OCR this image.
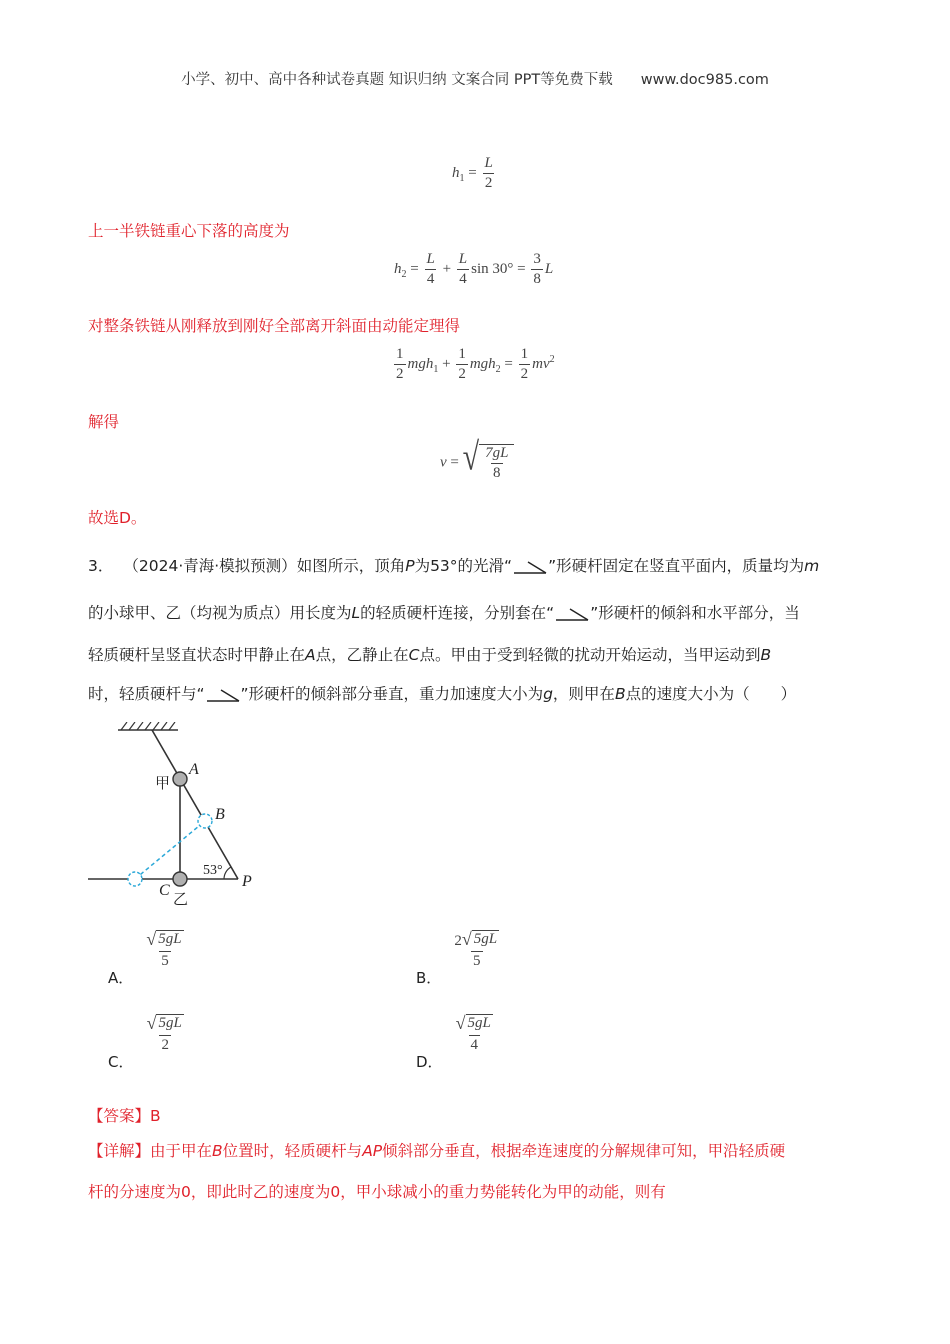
小学、初中、高中各种试卷真题 知识归纳 文案合同 PPT等免费下载 www.doc985.com
$h_1 = \frac{L}{2}$
上一半铁链重心下落的高度为
$h_2 = \frac{L}{4} + \frac{L}{4}$ $\sin 30^\circ = \frac{3}{8}$ L
对整条铁链从刚释放到刚好全部离开斜面由动能定理得
$\frac{1}{2} mgh_1 + \frac{1}{2} mgh_2 = \frac{1}{2} mv^2$
解得
v = √ $\frac{7gL}{8}$
故选D。
3． （2024·青海·模拟预测）如图所示，顶角P为53°的光滑“ ”形硬杆固定在竖直平面内，质量均为m
的小球甲、乙（均视为质点）用长度为L的轻质硬杆连接，分别套在“ ”形硬杆的倾斜和水平部分，当
轻质硬杆呈竖直状态时甲静止在A点，乙静止在C点。甲由于受到轻微的扰动开始运动，当甲运动到B
时，轻质硬杆与“ ”形硬杆的倾斜部分垂直，重力加速度大小为g，则甲在B点的速度大小为（　　）
A
B
C
P
甲
乙
53°
A．
$\frac{√ 5gL}{5}$
B．
$\frac{2 √ 5gL}{5}$
C．
$\frac{√ 5gL}{2}$
D．
$\frac{√ 5gL}{4}$
【答案】B
【详解】由于甲在B位置时，轻质硬杆与AP倾斜部分垂直，根据牵连速度的分解规律可知，甲沿轻质硬
杆的分速度为0，即此时乙的速度为0，甲小球减小的重力势能转化为甲的动能，则有
